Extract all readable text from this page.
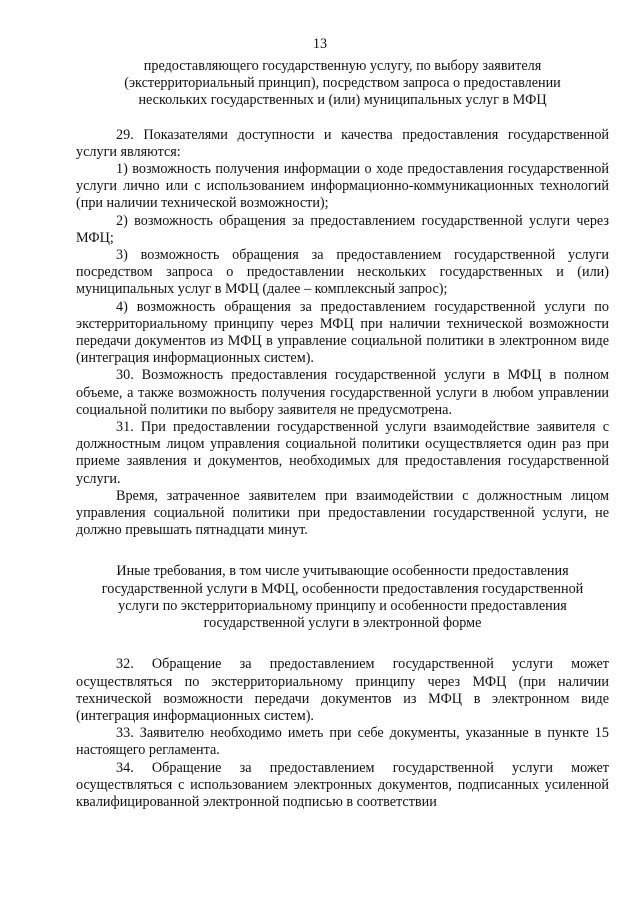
13
предоставляющего государственную услугу, по выбору заявителя
(экстерриториальный принцип), посредством запроса о предоставлении
нескольких государственных и (или) муниципальных услуг в МФЦ

29. Показателями доступности и качества предоставления государственной услуги являются:

1) возможность получения информации о ходе предоставления государственной услуги лично или с использованием информационно-коммуникационных технологий (при наличии технической возможности);

2) возможность обращения за предоставлением государственной услуги через МФЦ;

3) возможность обращения за предоставлением государственной услуги посредством запроса о предоставлении нескольких государственных и (или) муниципальных услуг в МФЦ (далее – комплексный запрос);

4) возможность обращения за предоставлением государственной услуги по экстерриториальному принципу через МФЦ при наличии технической возможности передачи документов из МФЦ в управление социальной политики в электронном виде (интеграция информационных систем).

30. Возможность предоставления государственной услуги в МФЦ в полном объеме, а также возможность получения государственной услуги в любом управлении социальной политики по выбору заявителя не предусмотрена.

31. При предоставлении государственной услуги взаимодействие заявителя с должностным лицом управления социальной политики осуществляется один раз при приеме заявления и документов, необходимых для предоставления государственной услуги.

Время, затраченное заявителем при взаимодействии с должностным лицом управления социальной политики при предоставлении государственной услуги, не должно превышать пятнадцати минут.

Иные требования, в том числе учитывающие особенности предоставления
государственной услуги в МФЦ, особенности предоставления государственной
услуги по экстерриториальному принципу и особенности предоставления
государственной услуги в электронной форме

32. Обращение за предоставлением государственной услуги может осуществляться по экстерриториальному принципу через МФЦ (при наличии технической возможности передачи документов из МФЦ в электронном виде (интеграция информационных систем).

33. Заявителю необходимо иметь при себе документы, указанные в пункте 15 настоящего регламента.

34. Обращение за предоставлением государственной услуги может осуществляться с использованием электронных документов, подписанных усиленной квалифицированной электронной подписью в соответствии
